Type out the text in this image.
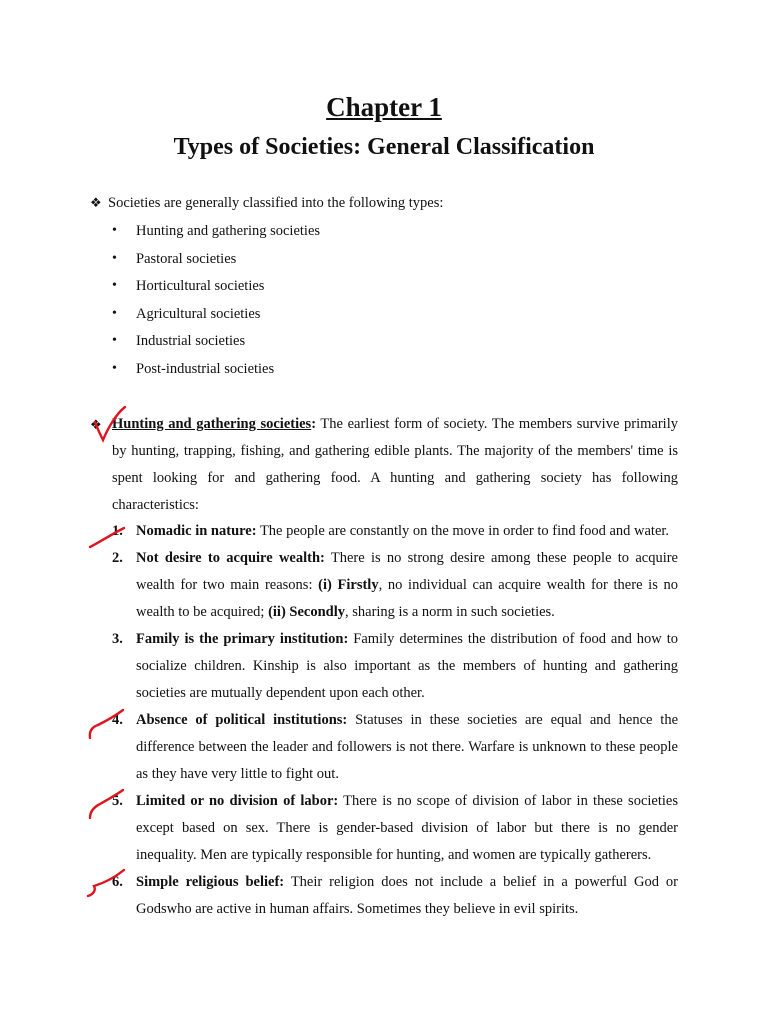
Chapter 1
Types of Societies: General Classification
❖ Societies are generally classified into the following types:
• Hunting and gathering societies
• Pastoral societies
• Horticultural societies
• Agricultural societies
• Industrial societies
• Post-industrial societies
❖ Hunting and gathering societies: The earliest form of society. The members survive primarily by hunting, trapping, fishing, and gathering edible plants. The majority of the members' time is spent looking for and gathering food. A hunting and gathering society has following characteristics:
1. Nomadic in nature: The people are constantly on the move in order to find food and water.
2. Not desire to acquire wealth: There is no strong desire among these people to acquire wealth for two main reasons: (i) Firstly, no individual can acquire wealth for there is no wealth to be acquired; (ii) Secondly, sharing is a norm in such societies.
3. Family is the primary institution: Family determines the distribution of food and how to socialize children. Kinship is also important as the members of hunting and gathering societies are mutually dependent upon each other.
4. Absence of political institutions: Statuses in these societies are equal and hence the difference between the leader and followers is not there. Warfare is unknown to these people as they have very little to fight out.
5. Limited or no division of labor: There is no scope of division of labor in these societies except based on sex. There is gender-based division of labor but there is no gender inequality. Men are typically responsible for hunting, and women are typically gatherers.
6. Simple religious belief: Their religion does not include a belief in a powerful God or Godswho are active in human affairs. Sometimes they believe in evil spirits.
